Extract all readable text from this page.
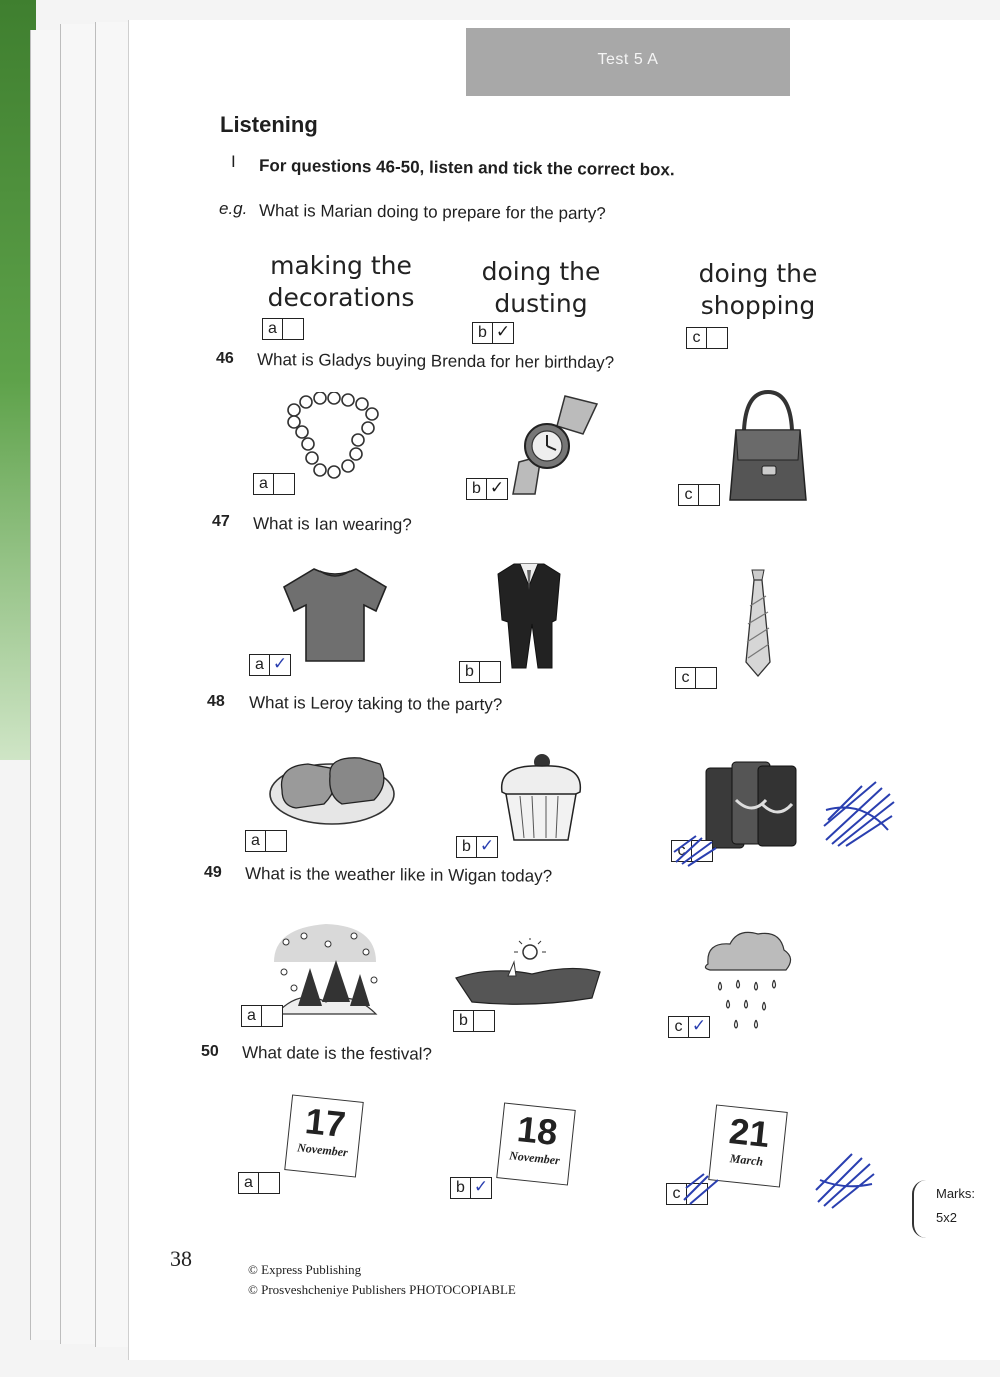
Test 5 A
Listening
I For questions 46-50, listen and tick the correct box.
e.g. What is Marian doing to prepare for the party?
making the
decorations
doing the
dusting
doing the
shopping
a	b ✓	c
46 What is Gladys buying Brenda for her birthday?
a	b ✓	c
47 What is Ian wearing?
a ✓	b	c
48 What is Leroy taking to the party?
a	b ✓	c
49 What is the weather like in Wigan today?
a	b	c ✓
50 What date is the festival?
17
November	18
November
21
March
a	b ✓	c
38	© Express Publishing
© Prosveshcheniye Publishers PHOTOCOPIABLE
Marks:
5x2
